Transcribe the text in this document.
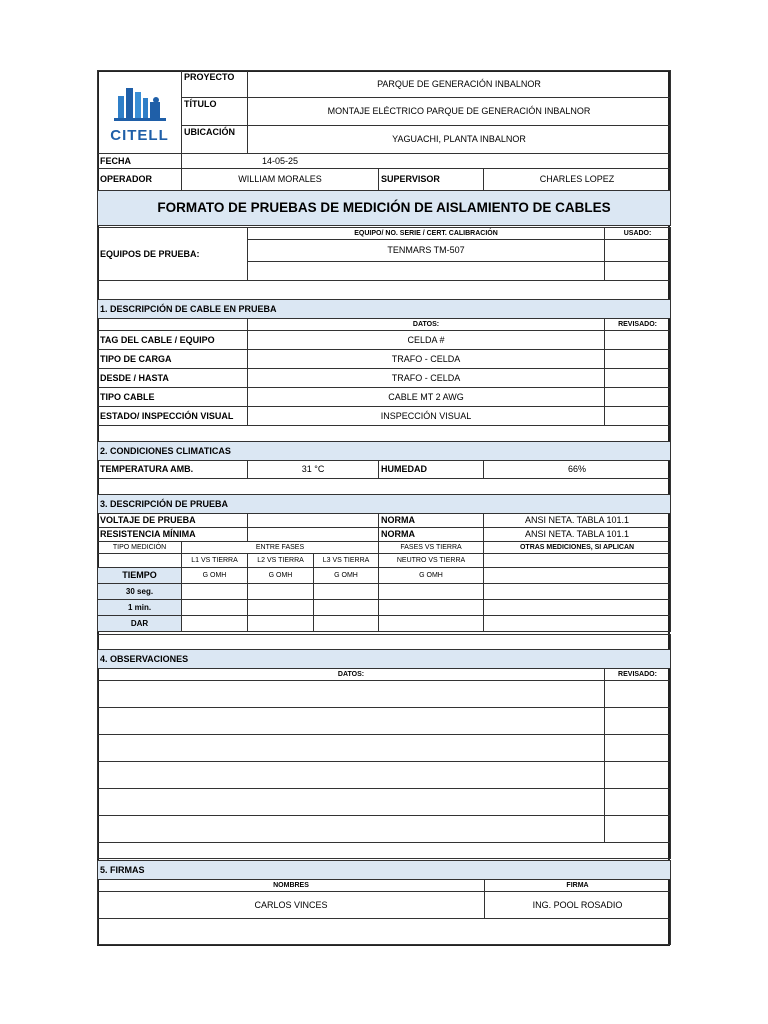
CITELL	PROYECTO	PARQUE DE GENERACIÓN INBALNOR		
	TÍTULO	MONTAJE ELÉCTRICO PARQUE DE GENERACIÓN INBALNOR		
	UBICACIÓN	YAGUACHI, PLANTA INBALNOR		
FECHA	14-05-25			
OPERADOR	WILLIAM MORALES		SUPERVISOR	CHARLES LOPEZ
FORMATO DE PRUEBAS DE MEDICIÓN DE AISLAMIENTO DE CABLES				
EQUIPOS DE PRUEBA:		EQUIPO/ NO. SERIE / CERT. CALIBRACIÓN				USADO:
		TENMARS TM-507				

1. DESCRIPCIÓN DE CABLE EN PRUEBA						
		DATOS:				REVISADO:
TAG DEL CABLE / EQUIPO		CELDA #				
TIPO DE CARGA		TRAFO - CELDA				
DESDE / HASTA		TRAFO - CELDA				
TIPO CABLE		CABLE MT 2 AWG				
ESTADO/ INSPECCIÓN VISUAL		INSPECCIÓN VISUAL				

2. CONDICIONES CLIMATICAS						
TEMPERATURA AMB.		31 °C		HUMEDAD	66%	

3. DESCRIPCIÓN DE PRUEBA						
VOLTAJE DE PRUEBA				NORMA	ANSI NETA. TABLA 101.1	
RESISTENCIA MÍNIMA				NORMA	ANSI NETA. TABLA 101.1	
TIPO MEDICIÓN	ENTRE FASES			FASES VS TIERRA	OTRAS MEDICIONES, SI APLICAN	
	L1 VS TIERRA	L2 VS TIERRA	L3 VS TIERRA	NEUTRO VS TIERRA		
TIEMPO	G OMH	G OMH	G OMH	G OMH		
30 seg.						
1 min.						
DAR						

4. OBSERVACIONES	
DATOS:	REVISADO:

5. FIRMAS	
NOMBRES	FIRMA
CARLOS VINCES	ING. POOL ROSADIO
